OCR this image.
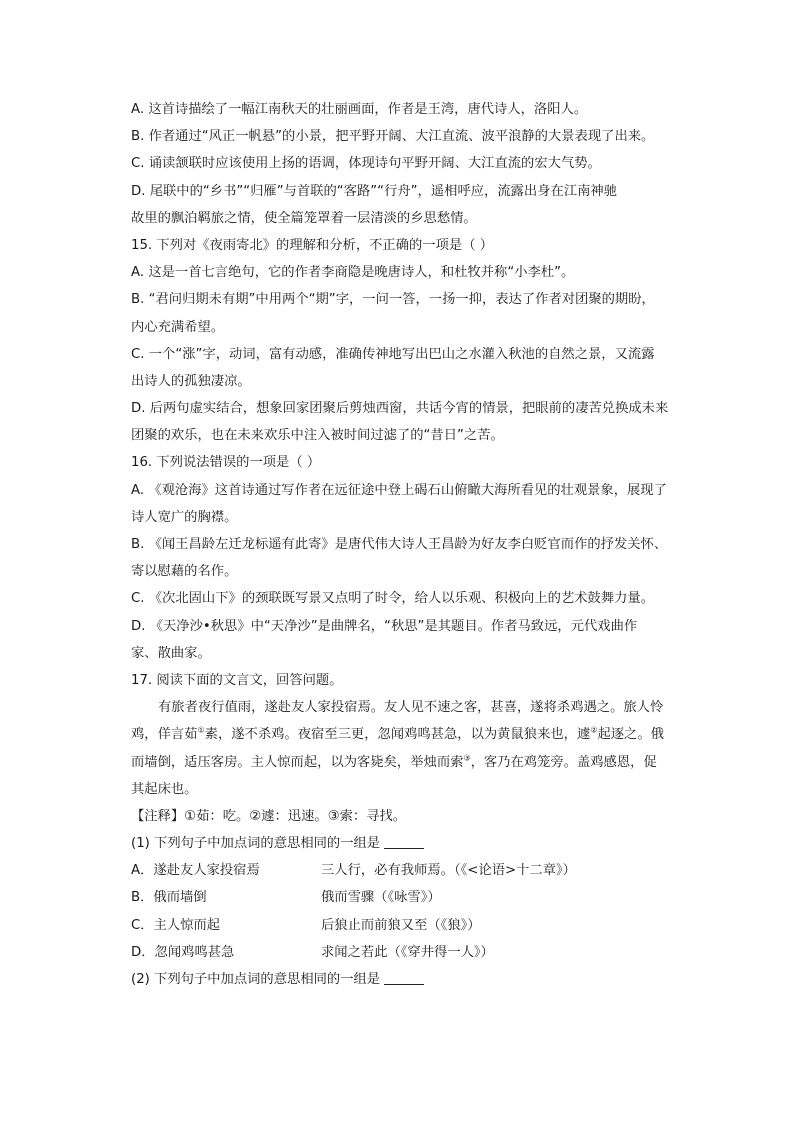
A. 这首诗描绘了一幅江南秋天的壮丽画面，作者是王湾，唐代诗人，洛阳人。
B. 作者通过“风正一帆悬”的小景，把平野开阔、大江直流、波平浪静的大景表现了出来。
C. 诵读颔联时应该使用上扬的语调，体现诗句平野开阔、大江直流的宏大气势。
D. 尾联中的“乡书”“归雁”与首联的“客路”“行舟”，遥相呼应，流露出身在江南神驰
故里的飘泊羁旅之情，使全篇笼罩着一层清淡的乡思愁情。
15. 下列对《夜雨寄北》的理解和分析，不正确的一项是（ ）
A. 这是一首七言绝句，它的作者李商隐是晚唐诗人，和杜牧并称“小李杜”。
B. “君问归期未有期”中用两个“期”字，一问一答，一扬一抑，表达了作者对团聚的期盼，
内心充满希望。
C. 一个“涨”字，动词，富有动感，准确传神地写出巴山之水灌入秋池的自然之景，又流露
出诗人的孤独凄凉。
D. 后两句虚实结合，想象回家团聚后剪烛西窗，共话今宵的情景，把眼前的凄苦兑换成未来
团聚的欢乐，也在未来欢乐中注入被时间过滤了的“昔日”之苦。
16. 下列说法错误的一项是（ ）
A. 《观沧海》这首诗通过写作者在远征途中登上碣石山俯瞰大海所看见的壮观景象，展现了
诗人宽广的胸襟。
B. 《闻王昌龄左迁龙标遥有此寄》是唐代伟大诗人王昌龄为好友李白贬官而作的抒发关怀、
寄以慰藉的名作。
C. 《次北固山下》的颈联既写景又点明了时令，给人以乐观、积极向上的艺术鼓舞力量。
D. 《天净沙•秋思》中“天净沙”是曲牌名，“秋思”是其题目。作者马致远，元代戏曲作
家、散曲家。
17. 阅读下面的文言文，回答问题。
有旅者夜行值雨，遂赴友人家投宿焉。友人见不速之客，甚喜，遂将杀鸡遇之。旅人怜
鸡，佯言茹①素，遂不杀鸡。夜宿至三更，忽闻鸡鸣甚急，以为黄鼠狼来也，遽②起逐之。俄
而墙倒，适压客房。主人惊而起，以为客毙矣，举烛而索③，客乃在鸡笼旁。盖鸡感恩，促
其起床也。
【注释】①茹：吃。②遽：迅速。③索：寻找。
(1) 下列句子中加点词的意思相同的一组是
A．遂赴友人家投宿焉	三人行，必有我师焉。（《<论语>十二章》）
B．俄而墙倒	俄而雪骤（《咏雪》）
C．主人惊而起	后狼止而前狼又至（《狼》）
D．忽闻鸡鸣甚急	求闻之若此（《穿井得一人》）
(2) 下列句子中加点词的意思相同的一组是
